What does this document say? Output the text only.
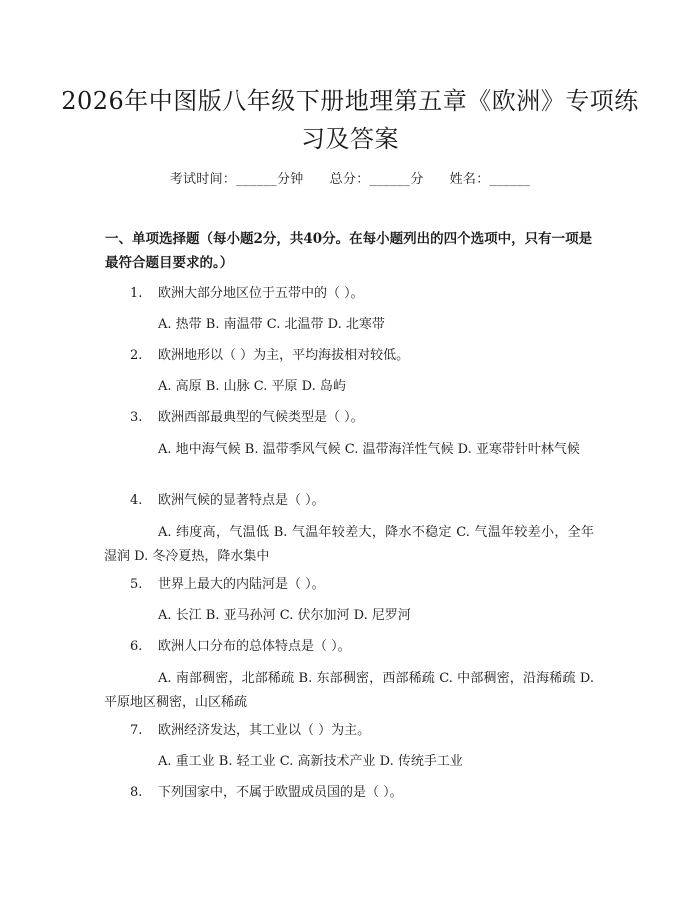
2026年中图版八年级下册地理第五章《欧洲》专项练习及答案
考试时间：______分钟 总分：______分 姓名：______
一、单项选择题（每小题2分，共40分。在每小题列出的四个选项中，只有一项是最符合题目要求的。）
1. 欧洲大部分地区位于五带中的（ ）。
A. 热带 B. 南温带 C. 北温带 D. 北寒带
2. 欧洲地形以（ ）为主，平均海拔相对较低。
A. 高原 B. 山脉 C. 平原 D. 岛屿
3. 欧洲西部最典型的气候类型是（ ）。
A. 地中海气候 B. 温带季风气候 C. 温带海洋性气候 D. 亚寒带针叶林气候
4. 欧洲气候的显著特点是（ ）。
A. 纬度高，气温低 B. 气温年较差大，降水不稳定 C. 气温年较差小，全年湿润 D. 冬冷夏热，降水集中
5. 世界上最大的内陆河是（ ）。
A. 长江 B. 亚马孙河 C. 伏尔加河 D. 尼罗河
6. 欧洲人口分布的总体特点是（ ）。
A. 南部稠密，北部稀疏 B. 东部稠密，西部稀疏 C. 中部稠密，沿海稀疏 D. 平原地区稠密，山区稀疏
7. 欧洲经济发达，其工业以（ ）为主。
A. 重工业 B. 轻工业 C. 高新技术产业 D. 传统手工业
8. 下列国家中，不属于欧盟成员国的是（ ）。
